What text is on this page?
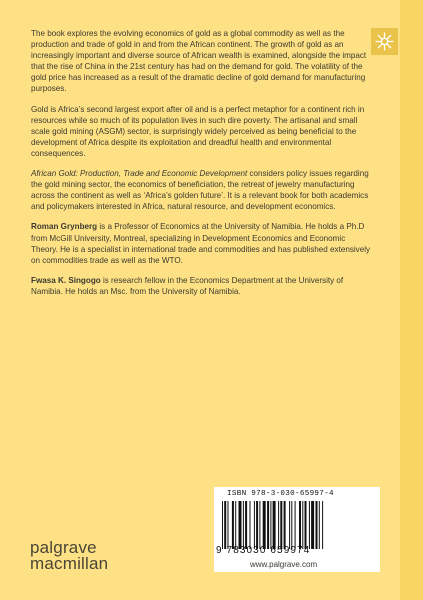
The book explores the evolving economics of gold as a global commodity as well as the production and trade of gold in and from the African continent. The growth of gold as an increasingly important and diverse source of African wealth is examined, alongside the impact that the rise of China in the 21st century has had on the demand for gold. The volatility of the gold price has increased as a result of the dramatic decline of gold demand for manufacturing purposes.

Gold is Africa’s second largest export after oil and is a perfect metaphor for a continent rich in resources while so much of its population lives in such dire poverty. The artisanal and small scale gold mining (ASGM) sector, is surprisingly widely perceived as being beneficial to the development of Africa despite its exploitation and dreadful health and environmental consequences.

African Gold: Production, Trade and Economic Development considers policy issues regarding the gold mining sector, the economics of beneficiation, the retreat of jewelry manufacturing across the continent as well as ‘Africa’s golden future’. It is a relevant book for both academics and policymakers interested in Africa, natural resource, and development economics.

Roman Grynberg is a Professor of Economics at the University of Namibia. He holds a Ph.D from McGill University, Montreal, specializing in Development Economics and Economic Theory. He is a specialist in international trade and commodities and has published extensively on commodities trade as well as the WTO.

Fwasa K. Singogo is research fellow in the Economics Department at the University of Namibia. He holds an Msc. from the University of Namibia.

ISBN 978-3-030-65997-4
9 783030 659974
palgrave
macmillan	www.palgrave.com
